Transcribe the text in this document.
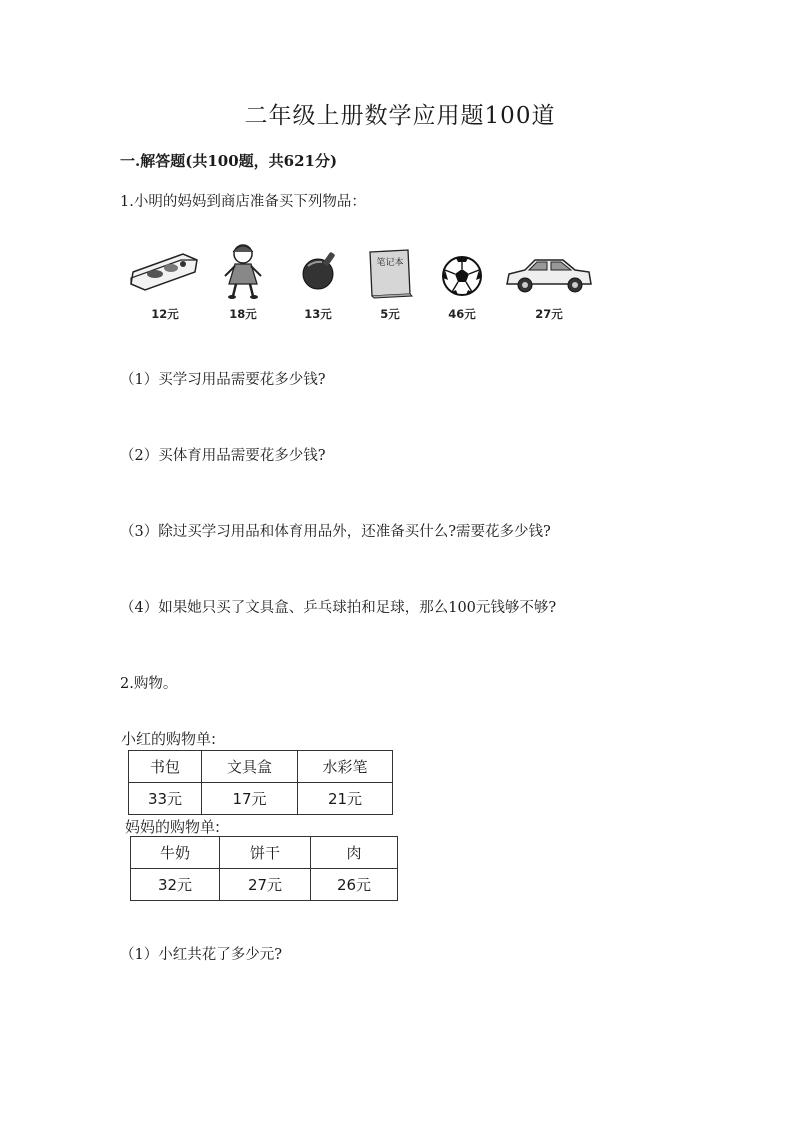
二年级上册数学应用题100道
一.解答题(共100题，共621分)
1.小明的妈妈到商店准备买下列物品：
12元	18元	13元
笔记本
5元	46元	27元
（1）买学习用品需要花多少钱?
（2）买体育用品需要花多少钱?
（3）除过买学习用品和体育用品外，还准备买什么?需要花多少钱?
（4）如果她只买了文具盒、乒乓球拍和足球，那么100元钱够不够?
2.购物。
小红的购物单:
书包	文具盒	水彩笔
33元	17元	21元
妈妈的购物单:
牛奶	饼干	肉
32元	27元	26元
（1）小红共花了多少元?
